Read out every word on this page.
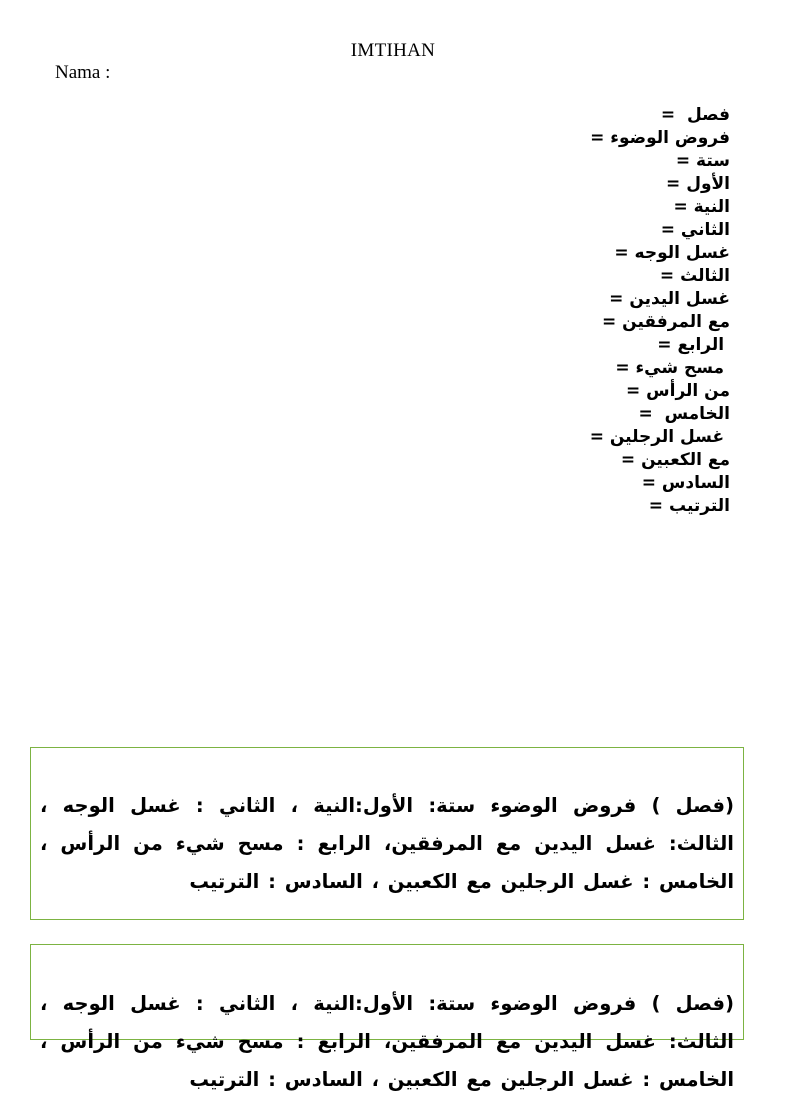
IMTIHAN
Nama :
فصل  =
فروض الوضوء =
ستة =
الأول =
النية =
الثاني =
غسل الوجه =
الثالث =
غسل اليدين =
مع المرفقين =
الرابع =
مسح شيء =
من الرأس =
الخامس  =
غسل الرجلين =
مع الكعبين =
السادس =
الترتيب =

(فصل ) فروض الوضوء ستة: الأول:النية ، الثاني : غسل الوجه ، الثالث: غسل اليدين مع المرفقين، الرابع : مسح شيء من الرأس ، الخامس : غسل الرجلين مع الكعبين ، السادس : الترتيب

(فصل ) فروض الوضوء ستة: الأول:النية ، الثاني : غسل الوجه ، الثالث: غسل اليدين مع المرفقين، الرابع : مسح شيء من الرأس ، الخامس : غسل الرجلين مع الكعبين ، السادس : الترتيب
